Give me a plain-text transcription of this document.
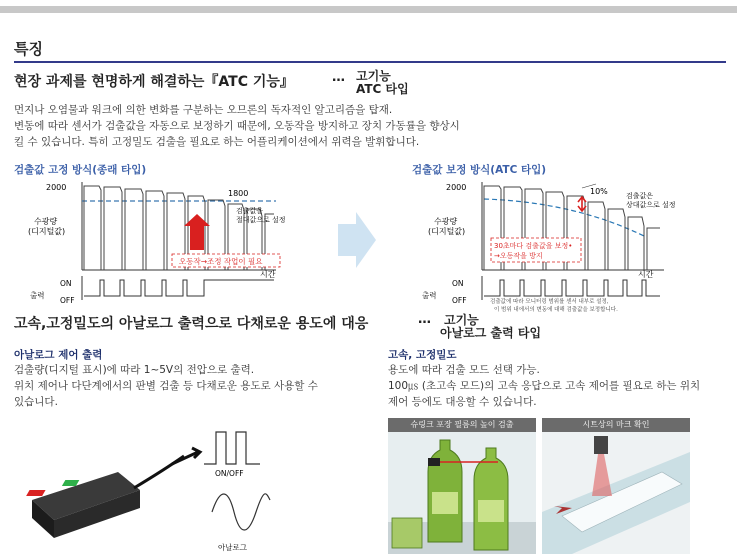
특징
현장 과제를 현명하게 해결하는『ATC 기능』	… 고기능
ATC 타입
먼지나 오염물과 워크에 의한 변화를 구분하는 오므론의 독자적인 알고리즘을 탑재.
변동에 따라 센서가 검출값을 자동으로 보정하기 때문에, 오동작을 방지하고 장치 가동률을 향상시
킬 수 있습니다. 특히 고정밀도 검출을 필요로 하는 어플리케이션에서 위력을 발휘합니다.
검출값 고정 방식(종래 타입)
2000
수광량
(디지털값)
1800
검출값을
절대값으로 설정
오동작→조정 작업이 필요
시간
ON
출력
OFF
검출값 보정 방식(ATC 타입)
2000
수광량
(디지털값)
10%	검출값은
상대값으로 설정
30초마다 검출값을 보정•
→오동작을 방지
시간
ON
출력
OFF	검출값에 따라 모니터링 범위를 센서 내부로 설정,
이 범위 내에서의 변동에 대해 검출값을 보정합니다.
고속,고정밀도의 아날로그 출력으로 다채로운 용도에 대응	…	고기능
아날로그 출력 타입
아날로그 제어 출력
검출량(디지털 표시)에 따라 1~5V의 전압으로 출력.
위치 제어나 다단계에서의 판별 검출 등 다채로운 용도로 사용할 수
있습니다.
ON/OFF
아날로그
고속, 고정밀도
용도에 따라 검출 모드 선택 가능.
100㎲ (초고속 모드)의 고속 응답으로 고속 제어를 필요로 하는 위치
제어 등에도 대응할 수 있습니다.
슈링크 포장 필름의 높이 검출	시트상의 마크 확인
